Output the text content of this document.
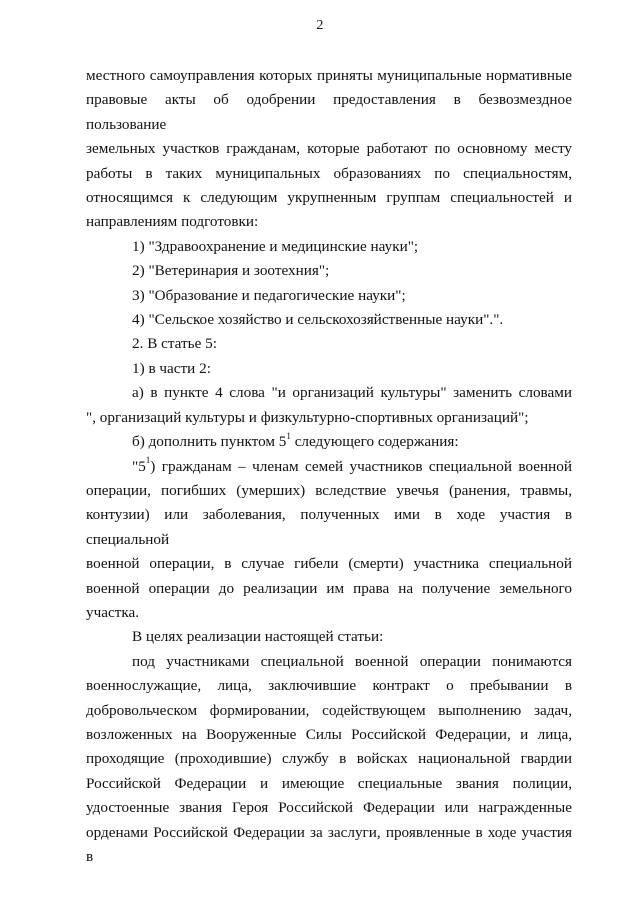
2
местного самоуправления которых приняты муниципальные нормативные
правовые акты об одобрении предоставления в безвозмездное пользование
земельных участков гражданам, которые работают по основному месту
работы в таких муниципальных образованиях по специальностям,
относящимся к следующим укрупненным группам специальностей и
направлениям подготовки:
1) "Здравоохранение и медицинские науки";
2) "Ветеринария и зоотехния";
3) "Образование и педагогические науки";
4) "Сельское хозяйство и сельскохозяйственные науки".".
2. В статье 5:
1) в части 2:
а) в пункте 4 слова "и организаций культуры" заменить словами
", организаций культуры и физкультурно-спортивных организаций";
б) дополнить пунктом $5^1$ следующего содержания:
"$5^1$) гражданам – членам семей участников специальной военной
операции, погибших (умерших) вследствие увечья (ранения, травмы,
контузии) или заболевания, полученных ими в ходе участия в специальной
военной операции, в случае гибели (смерти) участника специальной
военной операции до реализации им права на получение земельного
участка.
В целях реализации настоящей статьи:
под участниками специальной военной операции понимаются
военнослужащие, лица, заключившие контракт о пребывании в
добровольческом формировании, содействующем выполнению задач,
возложенных на Вооруженные Силы Российской Федерации, и лица,
проходящие (проходившие) службу в войсках национальной гвардии
Российской Федерации и имеющие специальные звания полиции,
удостоенные звания Героя Российской Федерации или награжденные
орденами Российской Федерации за заслуги, проявленные в ходе участия в
